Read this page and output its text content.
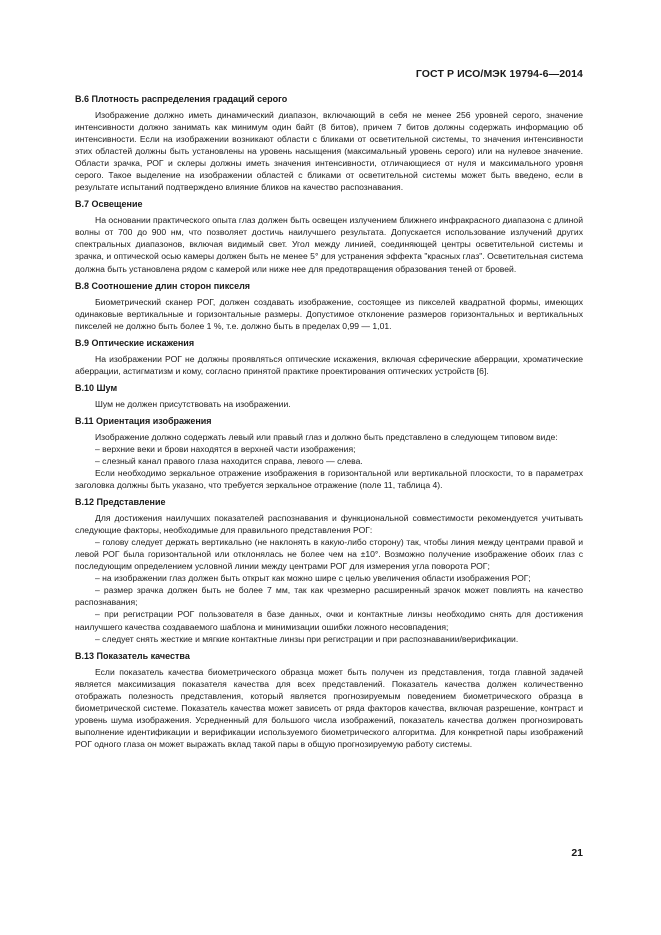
ГОСТ Р ИСО/МЭК 19794-6—2014
В.6 Плотность распределения градаций серого

Изображение должно иметь динамический диапазон, включающий в себя не менее 256 уровней серого, значение интенсивности должно занимать как минимум один байт (8 битов), причем 7 битов должны содержать информацию об интенсивности. Если на изображении возникают области с бликами от осветительной системы, то значения интенсивности этих областей должны быть установлены на уровень насыщения (максимальный уровень серого) или на нулевое значение. Области зрачка, РОГ и склеры должны иметь значения интенсивности, отличающиеся от нуля и максимального уровня серого. Такое выделение на изображении областей с бликами от осветительной системы может быть введено, если в результате испытаний подтверждено влияние бликов на качество распознавания.

В.7 Освещение

На основании практического опыта глаз должен быть освещен излучением ближнего инфракрасного диапазона с длиной волны от 700 до 900 нм, что позволяет достичь наилучшего результата. Допускается использование излучений других спектральных диапазонов, включая видимый свет. Угол между линией, соединяющей центры осветительной системы и зрачка, и оптической осью камеры должен быть не менее 5° для устранения эффекта "красных глаз". Осветительная система должна быть установлена рядом с камерой или ниже нее для предотвращения образования теней от бровей.

В.8 Соотношение длин сторон пикселя

Биометрический сканер РОГ, должен создавать изображение, состоящее из пикселей квадратной формы, имеющих одинаковые вертикальные и горизонтальные размеры. Допустимое отклонение размеров горизонтальных и вертикальных пикселей не должно быть более 1 %, т.е. должно быть в пределах 0,99 — 1,01.

В.9 Оптические искажения

На изображении РОГ не должны проявляться оптические искажения, включая сферические аберрации, хроматические аберрации, астигматизм и кому, согласно принятой практике проектирования оптических устройств [6].

В.10 Шум

Шум не должен присутствовать на изображении.

В.11 Ориентация изображения

Изображение должно содержать левый или правый глаз и должно быть представлено в следующем типовом виде:

– верхние веки и брови находятся в верхней части изображения;

– слезный канал правого глаза находится справа, левого — слева.

Если необходимо зеркальное отражение изображения в горизонтальной или вертикальной плоскости, то в параметрах заголовка должны быть указано, что требуется зеркальное отражение (поле 11, таблица 4).

В.12 Представление

Для достижения наилучших показателей распознавания и функциональной совместимости рекомендуется учитывать следующие факторы, необходимые для правильного представления РОГ:

– голову следует держать вертикально (не наклонять в какую-либо сторону) так, чтобы линия между центрами правой и левой РОГ была горизонтальной или отклонялась не более чем на ±10°. Возможно получение изображение обоих глаз с последующим определением условной линии между центрами РОГ для измерения угла поворота РОГ;

– на изображении глаз должен быть открыт как можно шире с целью увеличения области изображения РОГ;

– размер зрачка должен быть не более 7 мм, так как чрезмерно расширенный зрачок может повлиять на качество распознавания;

– при регистрации РОГ пользователя в базе данных, очки и контактные линзы необходимо снять для достижения наилучшего качества создаваемого шаблона и минимизации ошибки ложного несовпадения;

– следует снять жесткие и мягкие контактные линзы при регистрации и при распознавании/верификации.

В.13 Показатель качества

Если показатель качества биометрического образца может быть получен из представления, тогда главной задачей является максимизация показателя качества для всех представлений. Показатель качества должен количественно отображать полезность представления, который является прогнозируемым поведением биометрического образца в биометрической системе. Показатель качества может зависеть от ряда факторов качества, включая разрешение, контраст и уровень шума изображения. Усредненный для большого числа изображений, показатель качества должен прогнозировать выполнение идентификации и верификации используемого биометрического алгоритма. Для конкретной пары изображений РОГ одного глаза он может выражать вклад такой пары в общую прогнозируемую работу системы.

21
